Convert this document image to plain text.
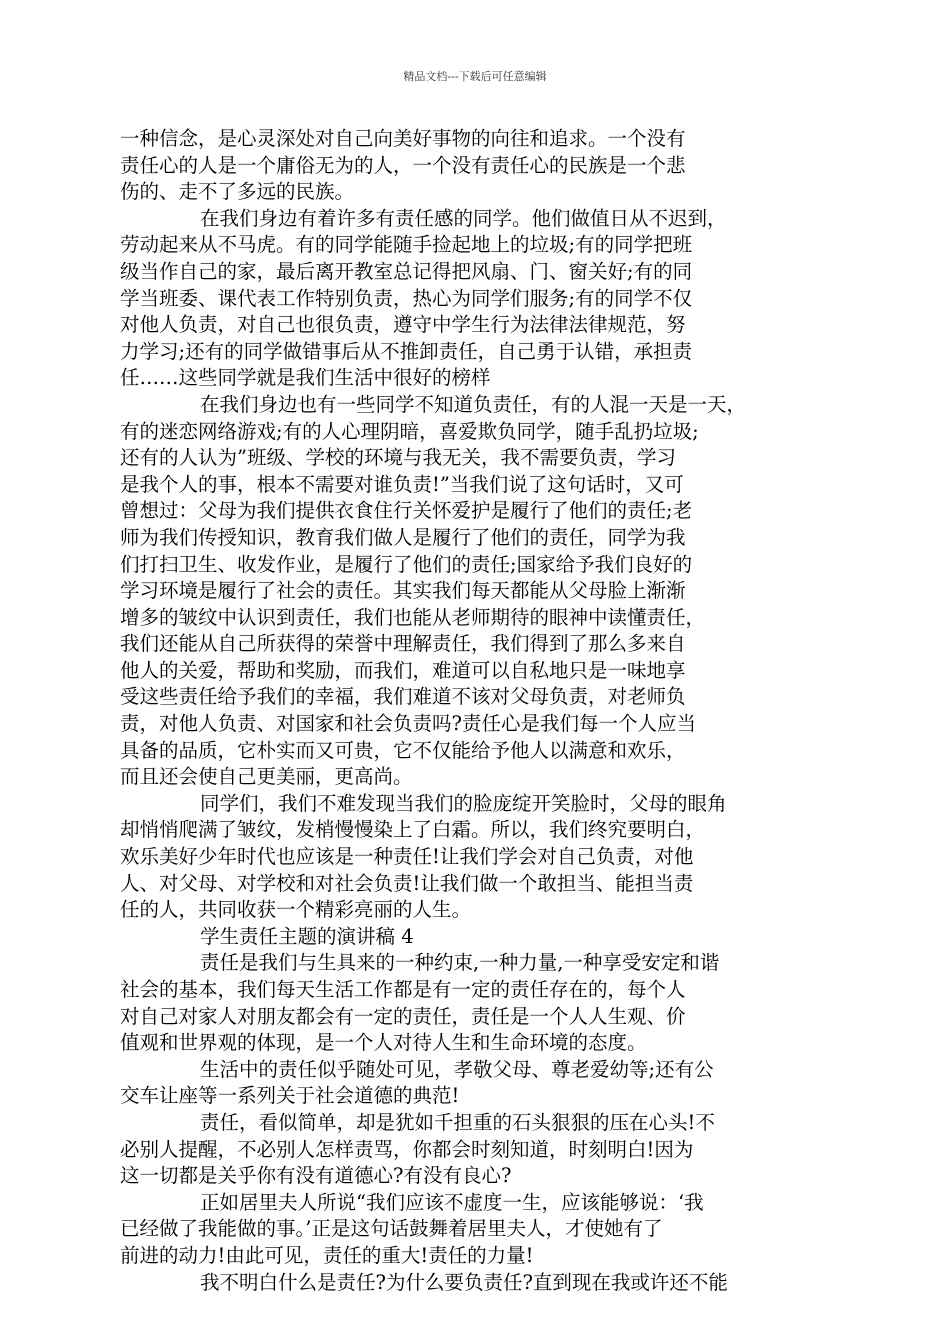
精品文档---下载后可任意编辑
一种信念，是心灵深处对自己向美好事物的向往和追求。一个没有
责任心的人是一个庸俗无为的人，一个没有责任心的民族是一个悲
伤的、走不了多远的民族。
在我们身边有着许多有责任感的同学。他们做值日从不迟到，
劳动起来从不马虎。有的同学能随手捡起地上的垃圾;有的同学把班
级当作自己的家，最后离开教室总记得把风扇、门、窗关好;有的同
学当班委、课代表工作特别负责，热心为同学们服务;有的同学不仅
对他人负责，对自己也很负责，遵守中学生行为法律法律规范，努
力学习;还有的同学做错事后从不推卸责任，自己勇于认错，承担责
任……这些同学就是我们生活中很好的榜样
在我们身边也有一些同学不知道负责任，有的人混一天是一天，
有的迷恋网络游戏;有的人心理阴暗，喜爱欺负同学，随手乱扔垃圾;
还有的人认为”班级、学校的环境与我无关，我不需要负责，学习
是我个人的事，根本不需要对谁负责!”当我们说了这句话时，又可
曾想过：父母为我们提供衣食住行关怀爱护是履行了他们的责任;老
师为我们传授知识，教育我们做人是履行了他们的责任，同学为我
们打扫卫生、收发作业，是履行了他们的责任;国家给予我们良好的
学习环境是履行了社会的责任。其实我们每天都能从父母脸上渐渐
增多的皱纹中认识到责任，我们也能从老师期待的眼神中读懂责任，
我们还能从自己所获得的荣誉中理解责任，我们得到了那么多来自
他人的关爱，帮助和奖励，而我们，难道可以自私地只是一味地享
受这些责任给予我们的幸福，我们难道不该对父母负责，对老师负
责，对他人负责、对国家和社会负责吗?责任心是我们每一个人应当
具备的品质，它朴实而又可贵，它不仅能给予他人以满意和欢乐，
而且还会使自己更美丽，更高尚。
同学们，我们不难发现当我们的脸庞绽开笑脸时，父母的眼角
却悄悄爬满了皱纹，发梢慢慢染上了白霜。所以，我们终究要明白，
欢乐美好少年时代也应该是一种责任!让我们学会对自己负责，对他
人、对父母、对学校和对社会负责!让我们做一个敢担当、能担当责
任的人，共同收获一个精彩亮丽的人生。
学生责任主题的演讲稿 4
责任是我们与生具来的一种约束,一种力量,一种享受安定和谐
社会的基本，我们每天生活工作都是有一定的责任存在的，每个人
对自己对家人对朋友都会有一定的责任，责任是一个人人生观、价
值观和世界观的体现，是一个人对待人生和生命环境的态度。
生活中的责任似乎随处可见，孝敬父母、尊老爱幼等;还有公
交车让座等一系列关于社会道德的典范!
责任，看似简单，却是犹如千担重的石头狠狠的压在心头!不
必别人提醒，不必别人怎样责骂，你都会时刻知道，时刻明白!因为
这一切都是关乎你有没有道德心?有没有良心?
正如居里夫人所说“我们应该不虚度一生，应该能够说：‘我
已经做了我能做的事。’正是这句话鼓舞着居里夫人，才使她有了
前进的动力!由此可见，责任的重大!责任的力量!
我不明白什么是责任?为什么要负责任?直到现在我或许还不能
